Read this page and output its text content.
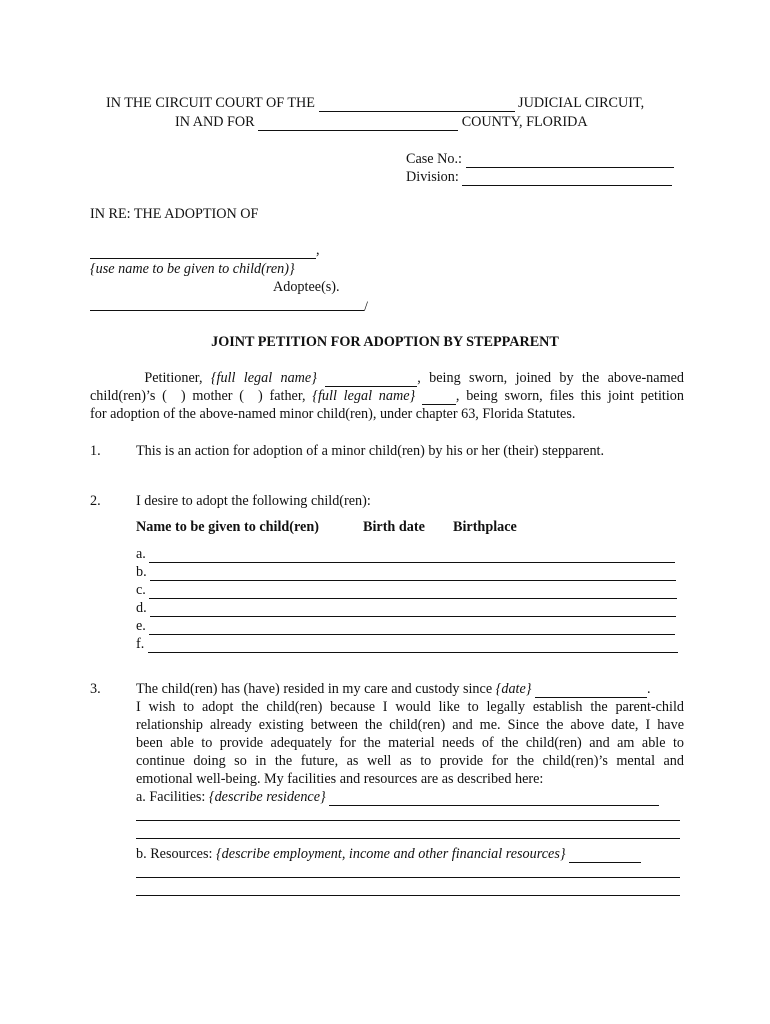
IN THE CIRCUIT COURT OF THE	JUDICIAL CIRCUIT,
IN AND FOR	COUNTY, FLORIDA
Case No.:
Division:
IN RE: THE ADOPTION OF
,
{use name to be given to child(ren)}
Adoptee(s).
/
JOINT PETITION FOR ADOPTION BY STEPPARENT
Petitioner, {full legal name}	, being sworn, joined by the above-named
child(ren)’s ( ) mother ( ) father, {full legal name}	, being sworn, files this joint petition
for adoption of the above-named minor child(ren), under chapter 63, Florida Statutes.
1. This is an action for adoption of a minor child(ren) by his or her (their) stepparent.
2. I desire to adopt the following child(ren):
Name to be given to child(ren)	Birth date Birthplace
a.
b.
c.
d.
e.
f.
3. The child(ren) has (have) resided in my care and custody since {date}	.
I wish to adopt the child(ren) because I would like to legally establish the parent-child
relationship already existing between the child(ren) and me. Since the above date, I have
been able to provide adequately for the material needs of the child(ren) and am able to
continue doing so in the future, as well as to provide for the child(ren)’s mental and
emotional well-being. My facilities and resources are as described here:
a. Facilities: {describe residence}
b. Resources: {describe employment, income and other financial resources}
